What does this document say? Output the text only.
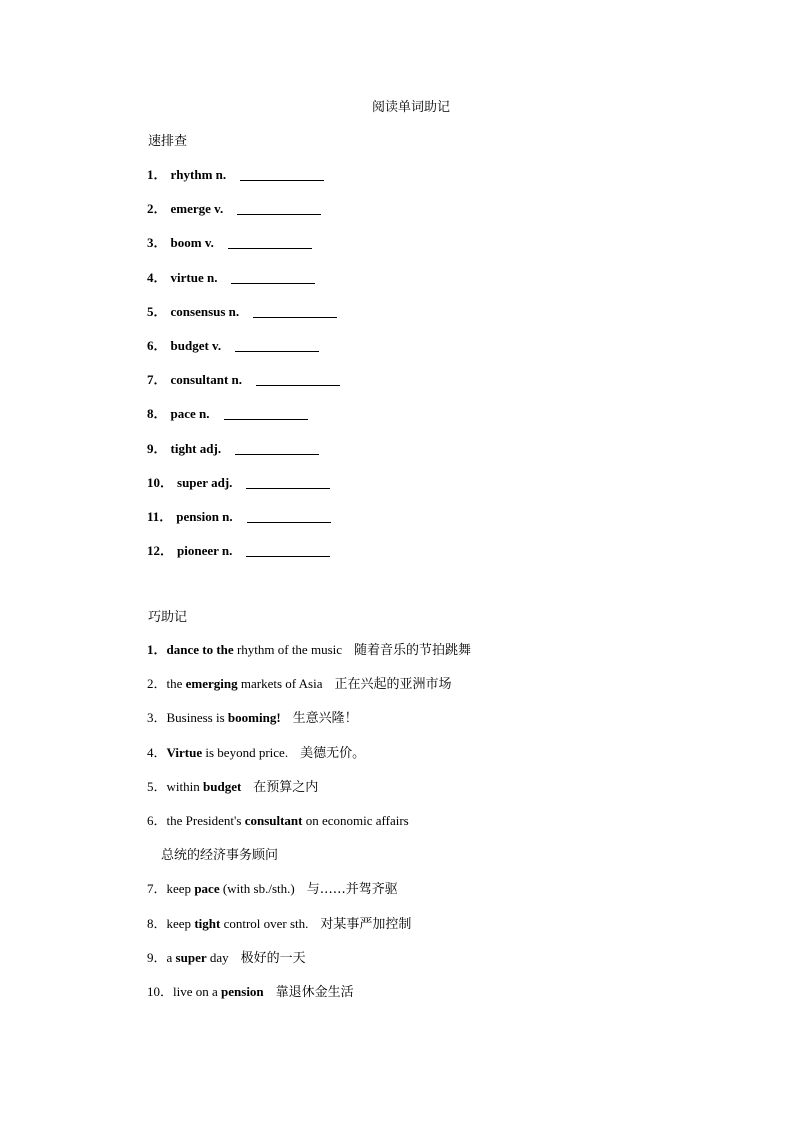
阅读单词助记
速排查
1． rhythm n.
2． emerge v.
3． boom v.
4． virtue n.
5． consensus n.
6． budget v.
7． consultant n.
8． pace n.
9． tight adj.
10． super adj.
11． pension n.
12． pioneer n.
巧助记
1．dance to the rhythm of the music 随着音乐的节拍跳舞
2．the emerging markets of Asia 正在兴起的亚洲市场
3．Business is booming! 生意兴隆！
4．Virtue is beyond price. 美德无价。
5．within budget 在预算之内
6．the President's consultant on economic affairs
总统的经济事务顾问
7．keep pace (with sb./sth.) 与……并驾齐驱
8．keep tight control over sth. 对某事严加控制
9．a super day 极好的一天
10．live on a pension 靠退休金生活
